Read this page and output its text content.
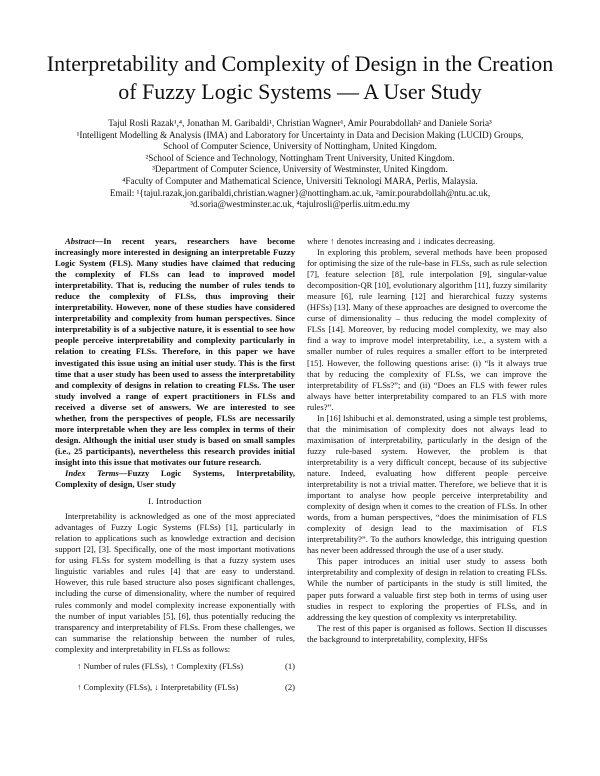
Interpretability and Complexity of Design in the Creation of Fuzzy Logic Systems — A User Study

Tajul Rosli Razak¹,⁴, Jonathan M. Garibaldi¹, Christian Wagner¹, Amir Pourabdollah² and Daniele Soria³

¹Intelligent Modelling & Analysis (IMA) and Laboratory for Uncertainty in Data and Decision Making (LUCID) Groups,

School of Computer Science, University of Nottingham, United Kingdom.

²School of Science and Technology, Nottingham Trent University, United Kingdom.

³Department of Computer Science, University of Westminster, United Kingdom.

⁴Faculty of Computer and Mathematical Science, Universiti Teknologi MARA, Perlis, Malaysia.

Email: ¹{tajul.razak,jon.garibaldi,christian.wagner}@nottingham.ac.uk, ²amir.pourabdollah@ntu.ac.uk,

³d.soria@westminster.ac.uk, ⁴tajulrosli@perlis.uitm.edu.my

Abstract—In recent years, researchers have become increasingly more interested in designing an interpretable Fuzzy Logic System (FLS). Many studies have claimed that reducing the complexity of FLSs can lead to improved model interpretability. That is, reducing the number of rules tends to reduce the complexity of FLSs, thus improving their interpretability. However, none of these studies have considered interpretability and complexity from human perspectives. Since interpretability is of a subjective nature, it is essential to see how people perceive interpretability and complexity particularly in relation to creating FLSs. Therefore, in this paper we have investigated this issue using an initial user study. This is the first time that a user study has been used to assess the interpretability and complexity of designs in relation to creating FLSs. The user study involved a range of expert practitioners in FLSs and received a diverse set of answers. We are interested to see whether, from the perspectives of people, FLSs are necessarily more interpretable when they are less complex in terms of their design. Although the initial user study is based on small samples (i.e., 25 participants), nevertheless this research provides initial insight into this issue that motivates our future research.

Index Terms—Fuzzy Logic Systems, Interpretability, Complexity of design, User study

I. Introduction

Interpretability is acknowledged as one of the most appreciated advantages of Fuzzy Logic Systems (FLSs) [1], particularly in relation to applications such as knowledge extraction and decision support [2], [3]. Specifically, one of the most important motivations for using FLSs for system modelling is that a fuzzy system uses linguistic variables and rules [4] that are easy to understand. However, this rule based structure also poses significant challenges, including the curse of dimensionality, where the number of required rules commonly and model complexity increase exponentially with the number of input variables [5], [6], thus potentially reducing the transparency and interpretability of FLSs. From these challenges, we can summarise the relationship between the number of rules, complexity and interpretability in FLSs as follows:

↑ Number of rules (FLSs), ↑ Complexity (FLSs)	(1)

↑ Complexity (FLSs), ↓ Interpretability (FLSs)	(2)

where ↑ denotes increasing and ↓ indicates decreasing.

In exploring this problem, several methods have been proposed for optimising the size of the rule-base in FLSs, such as rule selection [7], feature selection [8], rule interpolation [9], singular-value decomposition-QR [10], evolutionary algorithm [11], fuzzy similarity measure [6], rule learning [12] and hierarchical fuzzy systems (HFSs) [13]. Many of these approaches are designed to overcome the curse of dimensionality – thus reducing the model complexity of FLSs [14]. Moreover, by reducing model complexity, we may also find a way to improve model interpretability, i.e., a system with a smaller number of rules requires a smaller effort to be interpreted [15]. However, the following questions arise: (i) “Is it always true that by reducing the complexity of FLSs, we can improve the interpretability of FLSs?”; and (ii) “Does an FLS with fewer rules always have better interpretability compared to an FLS with more rules?”.

In [16] Ishibuchi et al. demonstrated, using a simple test problems, that the minimisation of complexity does not always lead to maximisation of interpretability, particularly in the design of the fuzzy rule-based system. However, the problem is that interpretability is a very difficult concept, because of its subjective nature. Indeed, evaluating how different people perceive interpretability is not a trivial matter. Therefore, we believe that it is important to analyse how people perceive interpretability and complexity of design when it comes to the creation of FLSs. In other words, from a human perspectives, “does the minimisation of FLS complexity of design lead to the maximisation of FLS interpretability?”. To the authors knowledge, this intriguing question has never been addressed through the use of a user study.

This paper introduces an initial user study to assess both interpretability and complexity of design in relation to creating FLSs. While the number of participants in the study is still limited, the paper puts forward a valuable first step both in terms of using user studies in respect to exploring the properties of FLSs, and in addressing the key question of complexity vs interpretability.

The rest of this paper is organised as follows. Section II discusses the background to interpretability, complexity, HFSs
